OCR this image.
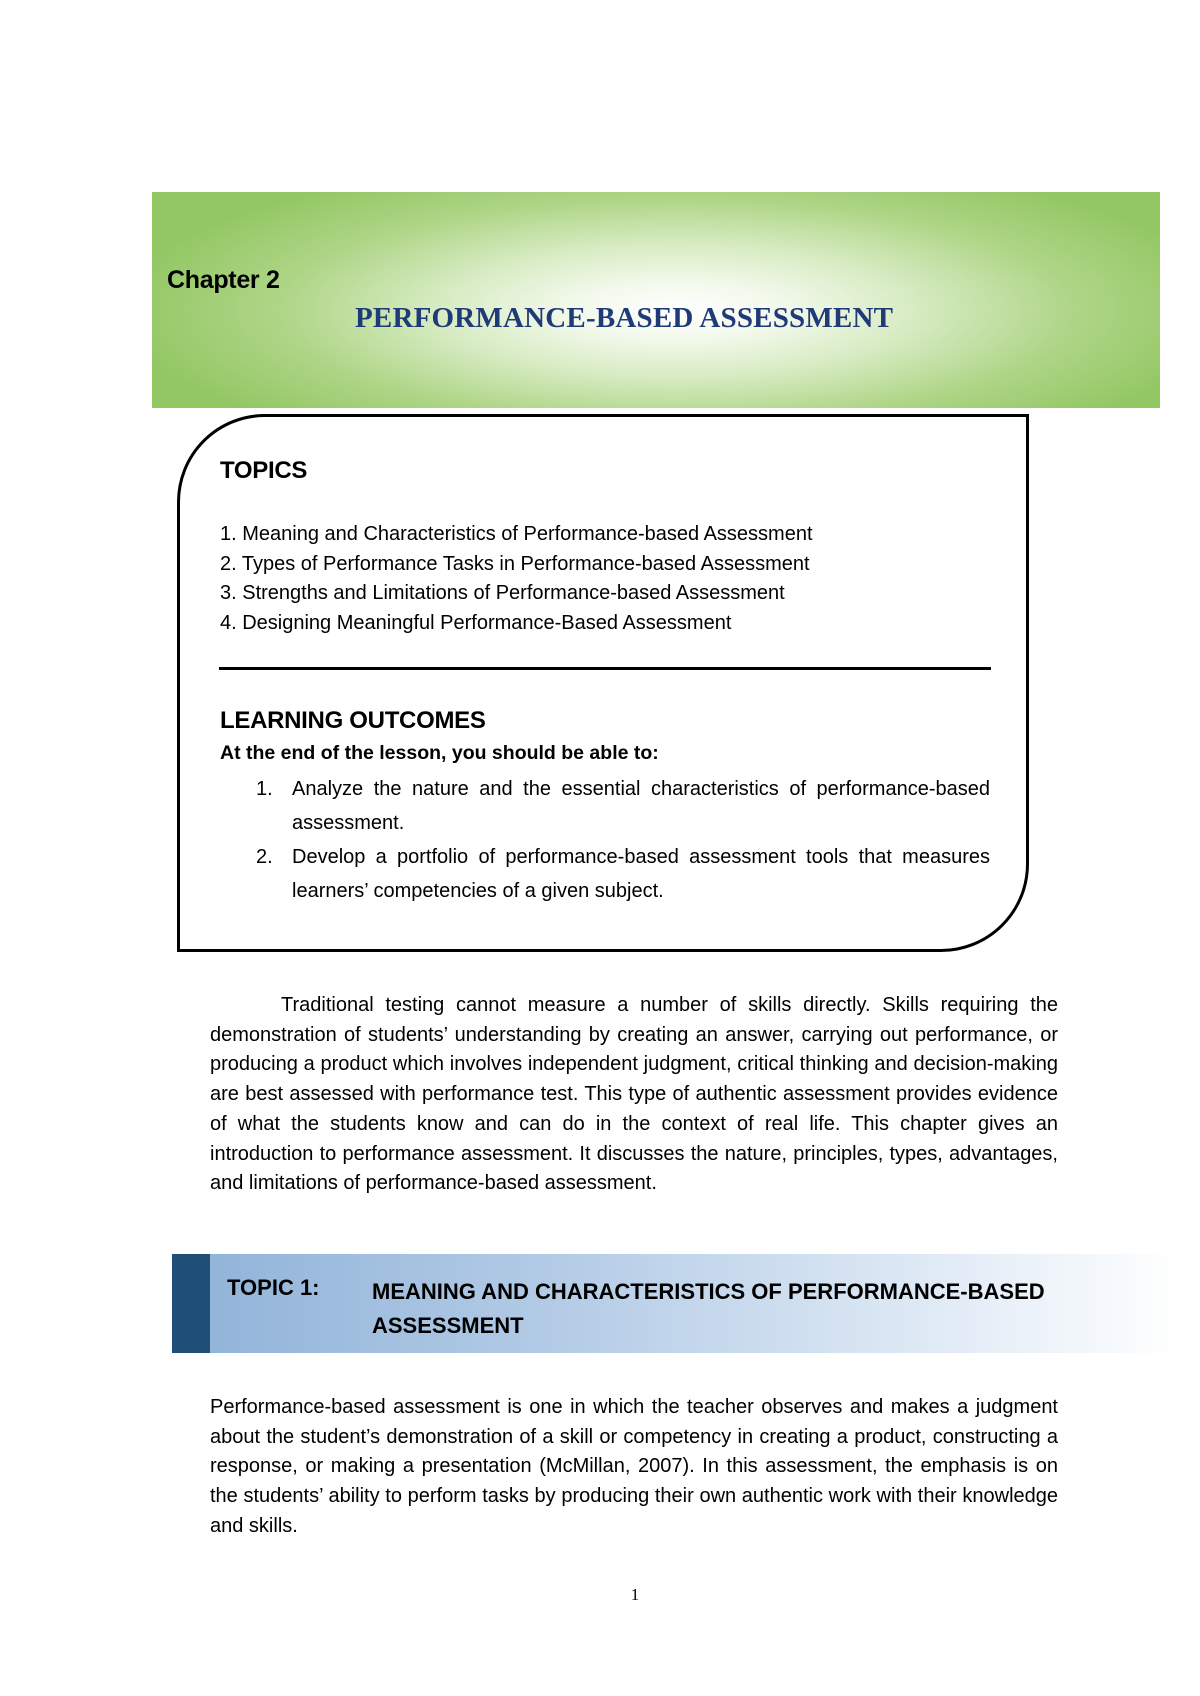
Chapter 2
PERFORMANCE-BASED ASSESSMENT
TOPICS
1. Meaning and Characteristics of Performance-based Assessment
2. Types of Performance Tasks in Performance-based Assessment
3. Strengths and Limitations of Performance-based Assessment
4. Designing Meaningful Performance-Based Assessment
LEARNING OUTCOMES
At the end of the lesson, you should be able to:
1. Analyze the nature and the essential characteristics of performance-based assessment.
2. Develop a portfolio of performance-based assessment tools that measures learners’ competencies of a given subject.

Traditional testing cannot measure a number of skills directly. Skills requiring the demonstration of students’ understanding by creating an answer, carrying out performance, or producing a product which involves independent judgment, critical thinking and decision-making are best assessed with performance test. This type of authentic assessment provides evidence of what the students know and can do in the context of real life. This chapter gives an introduction to performance assessment. It discusses the nature, principles, types, advantages, and limitations of performance-based assessment.

TOPIC 1: MEANING AND CHARACTERISTICS OF PERFORMANCE-BASED ASSESSMENT

Performance-based assessment is one in which the teacher observes and makes a judgment about the student’s demonstration of a skill or competency in creating a product, constructing a response, or making a presentation (McMillan, 2007). In this assessment, the emphasis is on the students’ ability to perform tasks by producing their own authentic work with their knowledge and skills.

1
